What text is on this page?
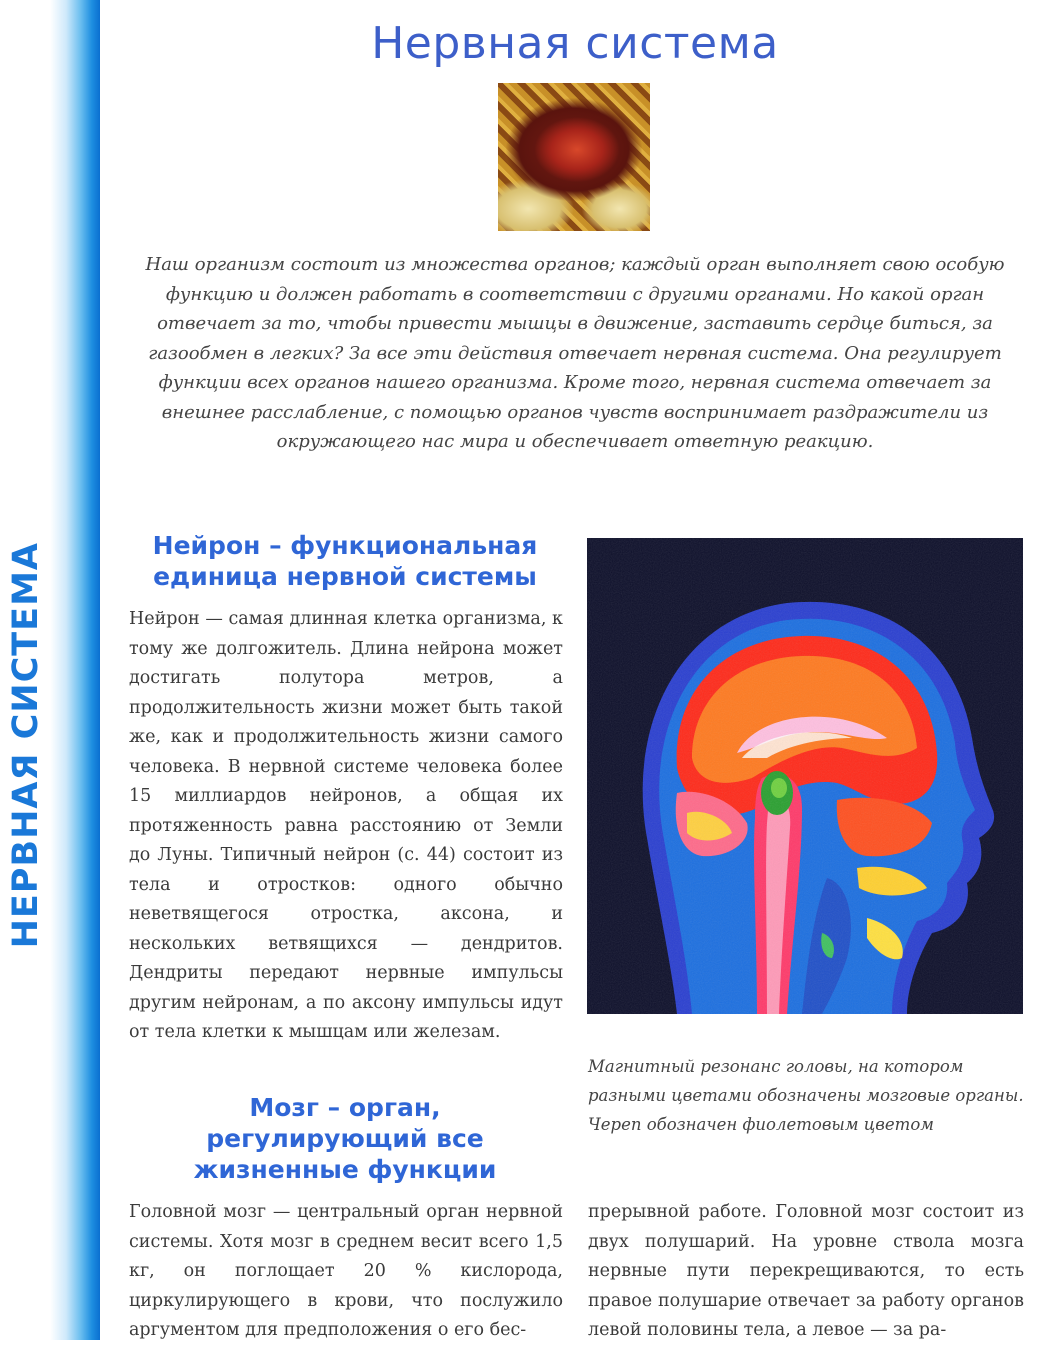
НЕРВНАЯ СИСТЕМА
Нервная система

Наш организм состоит из множества органов; каждый орган выполняет свою особую функцию и должен работать в соответствии с другими органами. Но какой орган отвечает за то, чтобы привести мышцы в движение, заставить сердце биться, за газообмен в легких? За все эти действия отвечает нервная система. Она регулирует функции всех органов нашего организма. Кроме того, нервная система отвечает за внешнее расслабление, с помощью органов чувств воспринимает раздражители из окружающего нас мира и обеспечивает ответную реакцию.

Нейрон – функциональная
единица нервной системы

Нейрон — самая длинная клетка организма, к тому же долгожитель. Длина нейрона может достигать полутора метров, а продолжительность жизни может быть такой же, как и продолжительность жизни самого человека. В нервной системе человека более 15 миллиардов нейронов, а общая их протяженность равна расстоянию от Земли до Луны. Типичный нейрон (с. 44) состоит из тела и отростков: одного обычно неветвящегося отростка, аксона, и нескольких ветвящихся — дендритов. Дендриты передают нервные импульсы другим нейронам, а по аксону импульсы идут от тела клетки к мышцам или железам.

Магнитный резонанс головы, на котором разными цветами обозначены мозговые органы. Череп обозначен фиолетовым цветом

Мозг – орган,
регулирующий все
жизненные функции

Головной мозг — центральный орган нервной системы. Хотя мозг в среднем весит всего 1,5 кг, он поглощает 20 % кислорода, циркулирующего в крови, что послужило аргументом для предположения о его бес-

прерывной работе. Головной мозг состоит из двух полушарий. На уровне ствола мозга нервные пути перекрещиваются, то есть правое полушарие отвечает за работу органов левой половины тела, а левое — за ра-
